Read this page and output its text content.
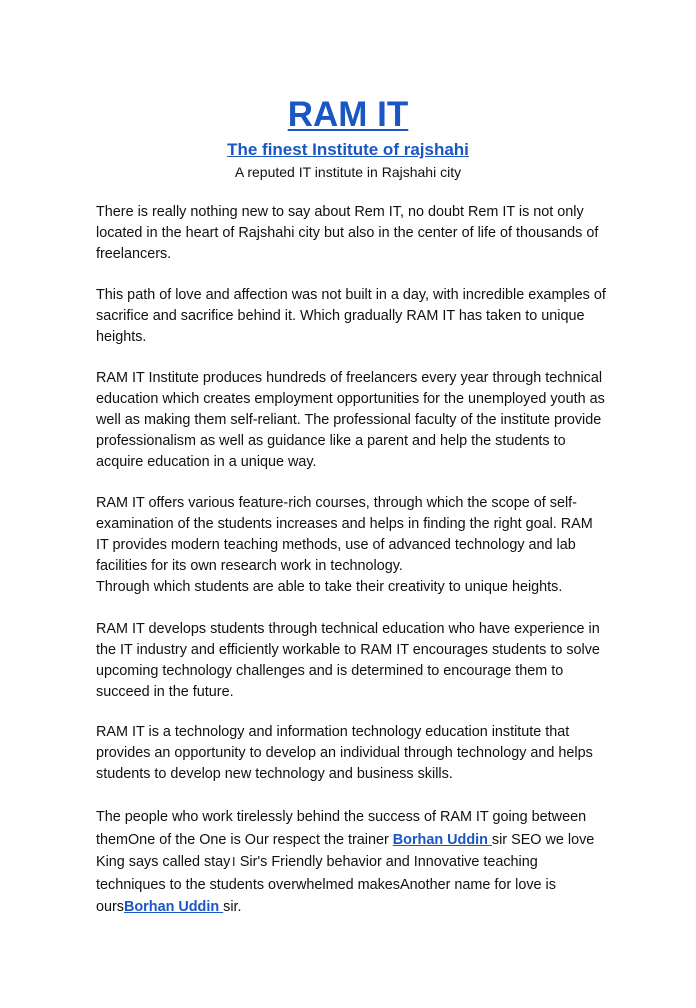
RAM IT
The finest Institute of rajshahi

A reputed IT institute in Rajshahi city

There is really nothing new to say about Rem IT, no doubt Rem IT is not only located in the heart of Rajshahi city but also in the center of life of thousands of freelancers.

This path of love and affection was not built in a day, with incredible examples of sacrifice and sacrifice behind it. Which gradually RAM IT has taken to unique heights.

RAM IT Institute produces hundreds of freelancers every year through technical education which creates employment opportunities for the unemployed youth as well as making them self-reliant. The professional faculty of the institute provide professionalism as well as guidance like a parent and help the students to acquire education in a unique way.

RAM IT offers various feature-rich courses, through which the scope of self-examination of the students increases and helps in finding the right goal. RAM IT provides modern teaching methods, use of advanced technology and lab facilities for its own research work in technology.
Through which students are able to take their creativity to unique heights.

RAM IT develops students through technical education who have experience in the IT industry and efficiently workable to RAM IT encourages students to solve upcoming technology challenges and is determined to encourage them to succeed in the future.

RAM IT is a technology and information technology education institute that provides an opportunity to develop an individual through technology and helps students to develop new technology and business skills.

The people who work tirelessly behind the success of RAM IT going between themOne of the One is Our respect the trainer Borhan Uddin sir SEO we love King says called stay। Sir's Friendly behavior and Innovative teaching techniques to the students overwhelmed makesAnother name for love is oursBorhan Uddin sir.
